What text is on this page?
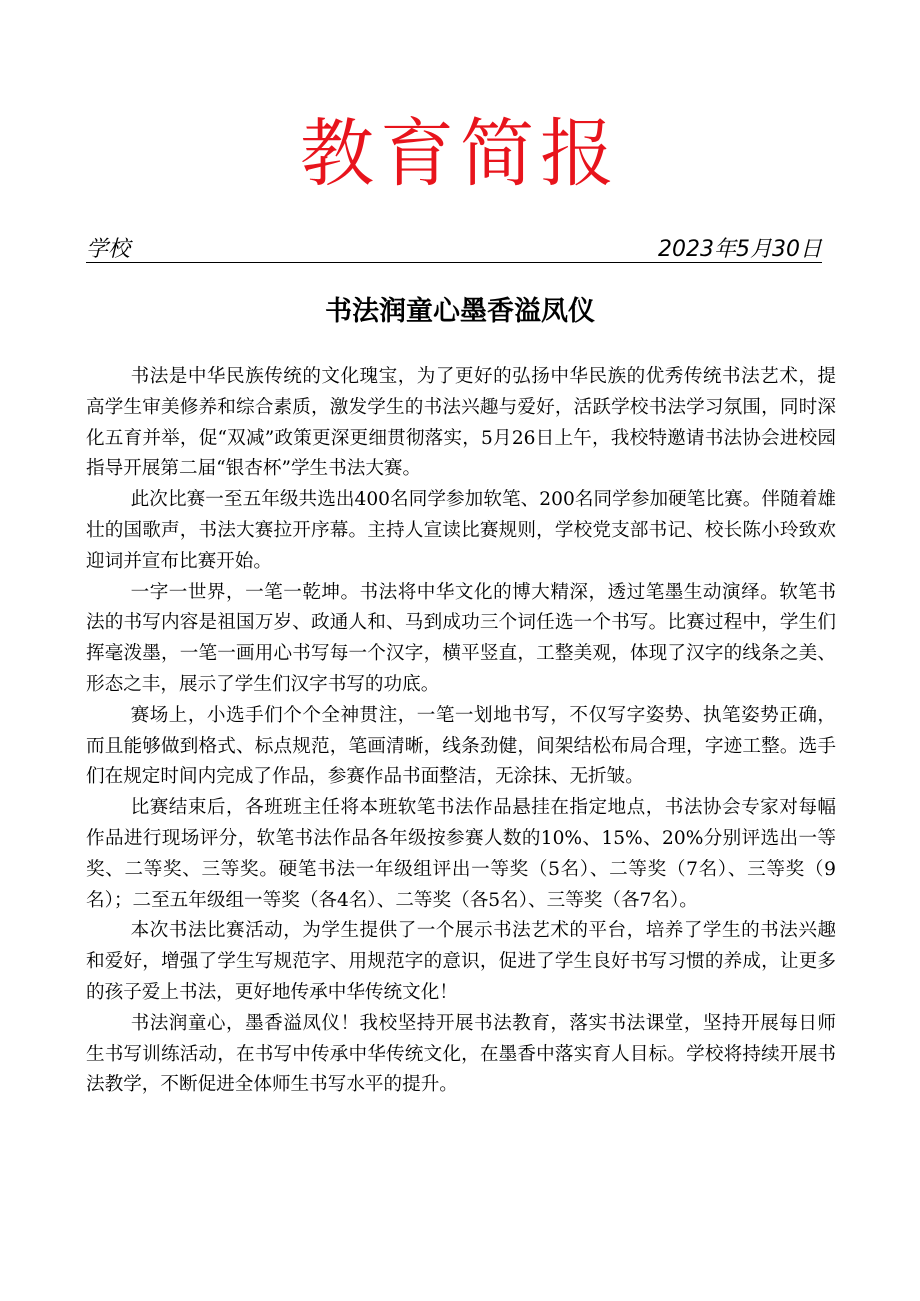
教育简报
学校	2023年5月30日
书法润童心墨香溢凤仪

书法是中华民族传统的文化瑰宝，为了更好的弘扬中华民族的优秀传统书法艺术，提高学生审美修养和综合素质，激发学生的书法兴趣与爱好，活跃学校书法学习氛围，同时深化五育并举，促“双减”政策更深更细贯彻落实，5月26日上午，我校特邀请书法协会进校园指导开展第二届“银杏杯”学生书法大赛。

此次比赛一至五年级共选出400名同学参加软笔、200名同学参加硬笔比赛。伴随着雄壮的国歌声，书法大赛拉开序幕。主持人宣读比赛规则，学校党支部书记、校长陈小玲致欢迎词并宣布比赛开始。

一字一世界，一笔一乾坤。书法将中华文化的博大精深，透过笔墨生动演绎。软笔书法的书写内容是祖国万岁、政通人和、马到成功三个词任选一个书写。比赛过程中，学生们挥毫泼墨，一笔一画用心书写每一个汉字，横平竖直，工整美观，体现了汉字的线条之美、形态之丰，展示了学生们汉字书写的功底。

赛场上，小选手们个个全神贯注，一笔一划地书写，不仅写字姿势、执笔姿势正确，而且能够做到格式、标点规范，笔画清晰，线条劲健，间架结松布局合理，字迹工整。选手们在规定时间内完成了作品，参赛作品书面整洁，无涂抹、无折皱。

比赛结束后，各班班主任将本班软笔书法作品悬挂在指定地点，书法协会专家对每幅作品进行现场评分，软笔书法作品各年级按参赛人数的10%、15%、20%分别评选出一等奖、二等奖、三等奖。硬笔书法一年级组评出一等奖（5名）、二等奖（7名）、三等奖（9名）；二至五年级组一等奖（各4名）、二等奖（各5名）、三等奖（各7名）。

本次书法比赛活动，为学生提供了一个展示书法艺术的平台，培养了学生的书法兴趣和爱好，增强了学生写规范字、用规范字的意识，促进了学生良好书写习惯的养成，让更多的孩子爱上书法，更好地传承中华传统文化！

书法润童心，墨香溢凤仪！我校坚持开展书法教育，落实书法课堂，坚持开展每日师生书写训练活动，在书写中传承中华传统文化，在墨香中落实育人目标。学校将持续开展书法教学，不断促进全体师生书写水平的提升。
